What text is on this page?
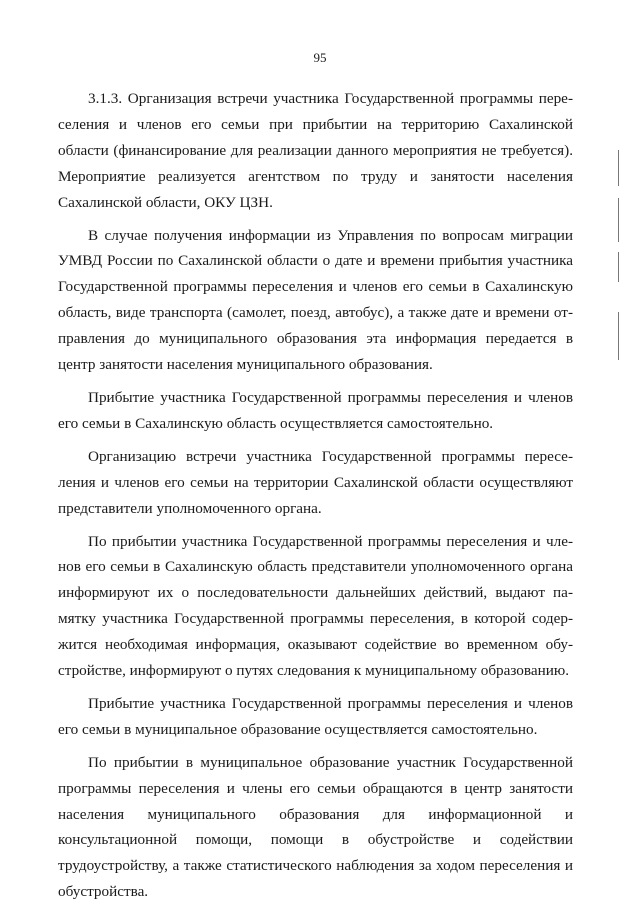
95

3.1.3. Организация встречи участника Государственной программы переселения и членов его семьи при прибытии на территорию Сахалинской области (финансирование для реализации данного мероприятия не требуется). Мероприятие реализуется агентством по труду и занятости населения Сахалинской области, ОКУ ЦЗН.

В случае получения информации из Управления по вопросам миграции УМВД России по Сахалинской области о дате и времени прибытия участника Государственной программы переселения и членов его семьи в Сахалинскую область, виде транспорта (самолет, поезд, автобус), а также дате и времени отправления до муниципального образования эта информация передается в центр занятости населения муниципального образования.

Прибытие участника Государственной программы переселения и членов его семьи в Сахалинскую область осуществляется самостоятельно.

Организацию встречи участника Государственной программы переселения и членов его семьи на территории Сахалинской области осуществляют представители уполномоченного органа.

По прибытии участника Государственной программы переселения и членов его семьи в Сахалинскую область представители уполномоченного органа информируют их о последовательности дальнейших действий, выдают памятку участника Государственной программы переселения, в которой содержится необходимая информация, оказывают содействие во временном обустройстве, информируют о путях следования к муниципальному образованию.

Прибытие участника Государственной программы переселения и членов его семьи в муниципальное образование осуществляется самостоятельно.

По прибытии в муниципальное образование участник Государственной программы переселения и члены его семьи обращаются в центр занятости населения муниципального образования для информационной и консультационной помощи, помощи в обустройстве и содействии трудоустройству, а также статистического наблюдения за ходом переселения и обустройства.
